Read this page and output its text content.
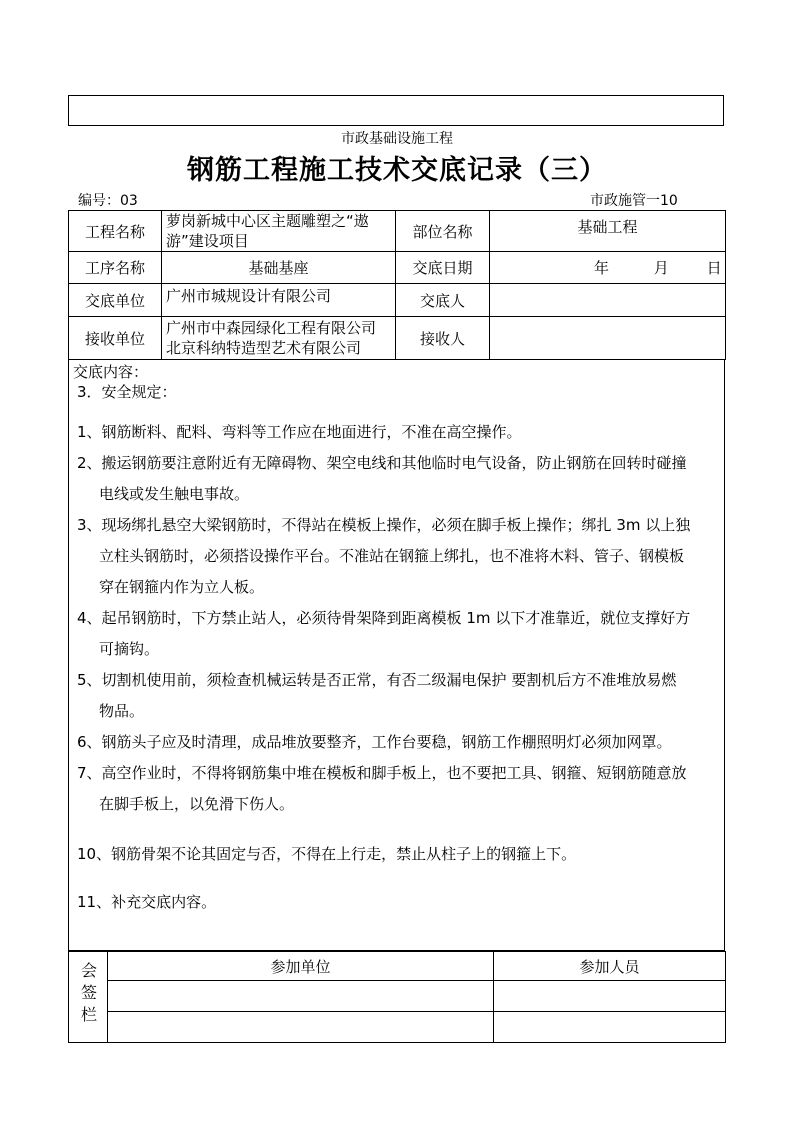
市政基础设施工程
钢筋工程施工技术交底记录（三）
编号：03	市政施管一10
工程名称	萝岗新城中心区主题雕塑之“遨
游”建设项目	部位名称	基础工程
工序名称	基础基座	交底日期	年 月 日
交底单位	广州市城规设计有限公司	交底人	
接收单位	广州市中森园绿化工程有限公司
北京科纳特造型艺术有限公司	接收人	
交底内容：
3．安全规定：
1、钢筋断料、配料、弯料等工作应在地面进行，不准在高空操作。
2、搬运钢筋要注意附近有无障碍物、架空电线和其他临时电气设备，防止钢筋在回转时碰撞
电线或发生触电事故。
3、现场绑扎悬空大梁钢筋时，不得站在模板上操作，必须在脚手板上操作；绑扎 3m 以上独
立柱头钢筋时，必须搭设操作平台。不准站在钢箍上绑扎，也不准将木料、管子、钢模板
穿在钢箍内作为立人板。
4、起吊钢筋时，下方禁止站人，必须待骨架降到距离模板 1m 以下才准靠近，就位支撑好方
可摘钩。
5、切割机使用前，须检查机械运转是否正常，有否二级漏电保护 要割机后方不准堆放易燃
物品。
6、钢筋头子应及时清理，成品堆放要整齐，工作台要稳，钢筋工作棚照明灯必须加网罩。
7、高空作业时，不得将钢筋集中堆在模板和脚手板上，也不要把工具、钢箍、短钢筋随意放
在脚手板上，以免滑下伤人。
10、钢筋骨架不论其固定与否，不得在上行走，禁止从柱子上的钢箍上下。
11、补充交底内容。
会签栏	参加单位	参加人员
